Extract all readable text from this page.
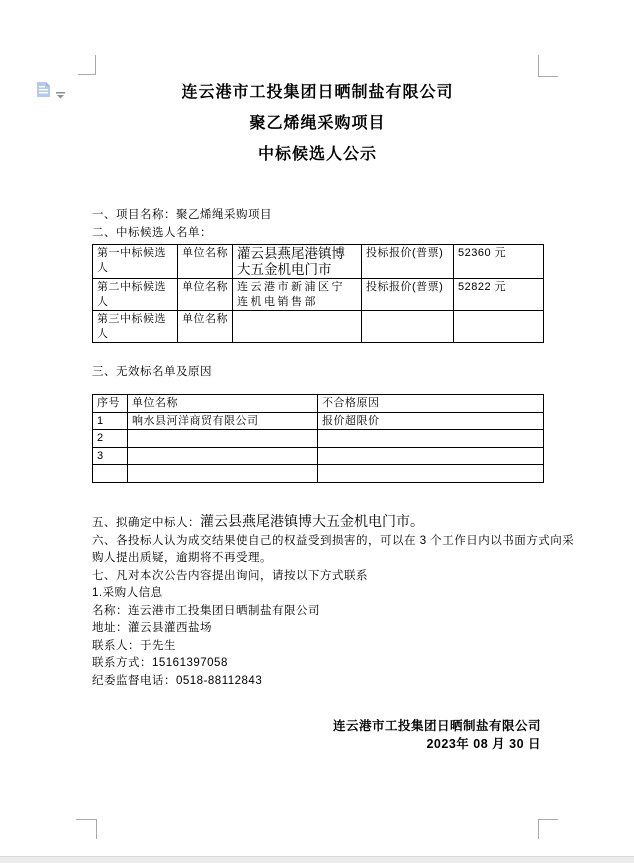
连云港市工投集团日晒制盐有限公司
聚乙烯绳采购项目
中标候选人公示
一、项目名称：聚乙烯绳采购项目
二、中标候选人名单：
第一中标候选人	单位名称	灌云县燕尾港镇博大五金机电门市	投标报价(普票)	52360 元
第二中标候选人	单位名称	连云港市新浦区宁连机电销售部	投标报价(普票)	52822 元
第三中标候选人	单位名称			
三、无效标名单及原因
序号	单位名称	不合格原因
1	响水县河洋商贸有限公司	报价超限价
2		
3		

五、拟确定中标人：灌云县燕尾港镇博大五金机电门市。
六、各投标人认为成交结果使自己的权益受到损害的，可以在 3 个工作日内以书面方式向采
购人提出质疑，逾期将不再受理。
七、凡对本次公告内容提出询问，请按以下方式联系
1.采购人信息
名称：连云港市工投集团日晒制盐有限公司
地址：灌云县灌西盐场
联系人：于先生
联系方式：15161397058
纪委监督电话：0518-88112843
连云港市工投集团日晒制盐有限公司
2023年 08 月 30 日
